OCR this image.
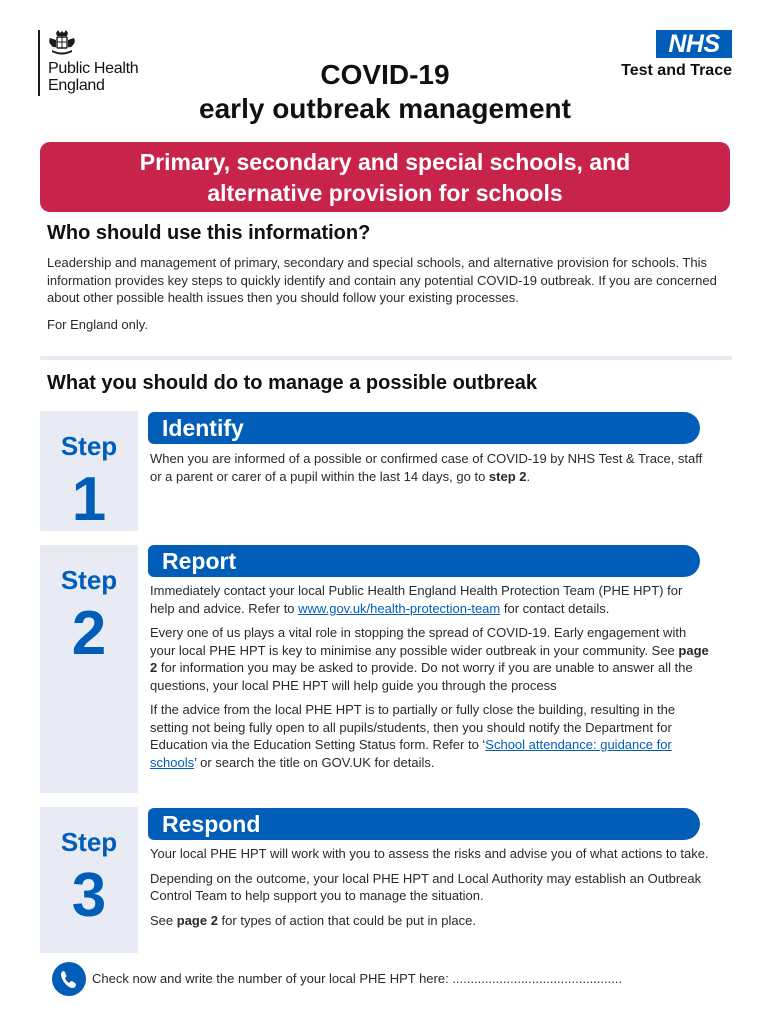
Public Health
England	COVID-19
early outbreak management
NHS
Test and Trace
Primary, secondary and special schools, and
alternative provision for schools
Who should use this information?

Leadership and management of primary, secondary and special schools, and alternative provision for schools. This information provides key steps to quickly identify and contain any potential COVID-19 outbreak. If you are concerned about other possible health issues then you should follow your existing processes.

For England only.

What you should do to manage a possible outbreak
Step
1
Identify

When you are informed of a possible or confirmed case of COVID-19 by NHS Test & Trace, staff or a parent or carer of a pupil within the last 14 days, go to step 2.

Step
2
Report

Immediately contact your local Public Health England Health Protection Team (PHE HPT) for help and advice. Refer to www.gov.uk/health-protection-team for contact details.

Every one of us plays a vital role in stopping the spread of COVID-19. Early engagement with your local PHE HPT is key to minimise any possible wider outbreak in your community. See page 2 for information you may be asked to provide. Do not worry if you are unable to answer all the questions, your local PHE HPT will help guide you through the process

If the advice from the local PHE HPT is to partially or fully close the building, resulting in the setting not being fully open to all pupils/students, then you should notify the Department for Education via the Education Setting Status form. Refer to ‘School attendance: guidance for schools’ or search the title on GOV.UK for details.

Step
3
Respond

Your local PHE HPT will work with you to assess the risks and advise you of what actions to take.

Depending on the outcome, your local PHE HPT and Local Authority may establish an Outbreak Control Team to help support you to manage the situation.

See page 2 for types of action that could be put in place.

Check now and write the number of your local PHE HPT here: ...............................................
